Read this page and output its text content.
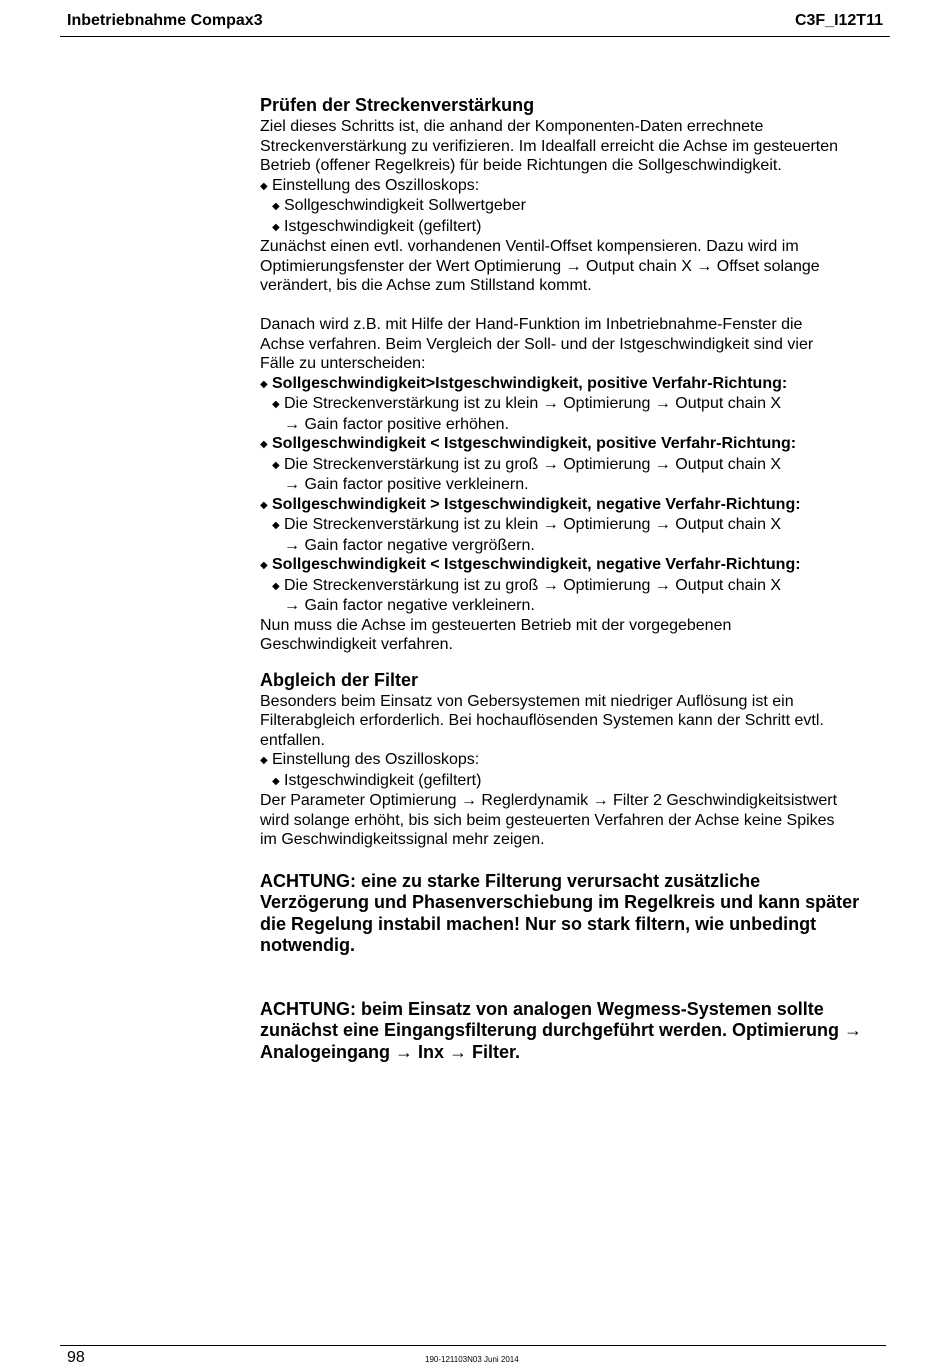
Inbetriebnahme Compax3	C3F_I12T11
Prüfen der Streckenverstärkung

Ziel dieses Schritts ist, die anhand der Komponenten-Daten errechnete

Streckenverstärkung zu verifizieren. Im Idealfall erreicht die Achse im gesteuerten

Betrieb (offener Regelkreis) für beide Richtungen die Sollgeschwindigkeit.

◆ Einstellung des Oszilloskops:

◆ Sollgeschwindigkeit Sollwertgeber

◆ Istgeschwindigkeit (gefiltert)

Zunächst einen evtl. vorhandenen Ventil-Offset kompensieren. Dazu wird im

Optimierungsfenster der Wert Optimierung → Output chain X → Offset solange

verändert, bis die Achse zum Stillstand kommt.

Danach wird z.B. mit Hilfe der Hand-Funktion im Inbetriebnahme-Fenster die

Achse verfahren. Beim Vergleich der Soll- und der Istgeschwindigkeit sind vier

Fälle zu unterscheiden:

◆ Sollgeschwindigkeit>Istgeschwindigkeit, positive Verfahr-Richtung:

◆ Die Streckenverstärkung ist zu klein → Optimierung → Output chain X

→ Gain factor positive erhöhen.

◆ Sollgeschwindigkeit < Istgeschwindigkeit, positive Verfahr-Richtung:

◆ Die Streckenverstärkung ist zu groß → Optimierung → Output chain X

→ Gain factor positive verkleinern.

◆ Sollgeschwindigkeit > Istgeschwindigkeit, negative Verfahr-Richtung:

◆ Die Streckenverstärkung ist zu klein → Optimierung → Output chain X

→ Gain factor negative vergrößern.

◆ Sollgeschwindigkeit < Istgeschwindigkeit, negative Verfahr-Richtung:

◆ Die Streckenverstärkung ist zu groß → Optimierung → Output chain X

→ Gain factor negative verkleinern.

Nun muss die Achse im gesteuerten Betrieb mit der vorgegebenen

Geschwindigkeit verfahren.

Abgleich der Filter

Besonders beim Einsatz von Gebersystemen mit niedriger Auflösung ist ein

Filterabgleich erforderlich. Bei hochauflösenden Systemen kann der Schritt evtl.

entfallen.

◆ Einstellung des Oszilloskops:

◆ Istgeschwindigkeit (gefiltert)

Der Parameter Optimierung → Reglerdynamik → Filter 2 Geschwindigkeitsistwert

wird solange erhöht, bis sich beim gesteuerten Verfahren der Achse keine Spikes

im Geschwindigkeitssignal mehr zeigen.

ACHTUNG: eine zu starke Filterung verursacht zusätzliche

Verzögerung und Phasenverschiebung im Regelkreis und kann später

die Regelung instabil machen! Nur so stark filtern, wie unbedingt

notwendig.

ACHTUNG: beim Einsatz von analogen Wegmess-Systemen sollte

zunächst eine Eingangsfilterung durchgeführt werden. Optimierung →

Analogeingang → Inx → Filter.

98	190-121103N03 Juni 2014
